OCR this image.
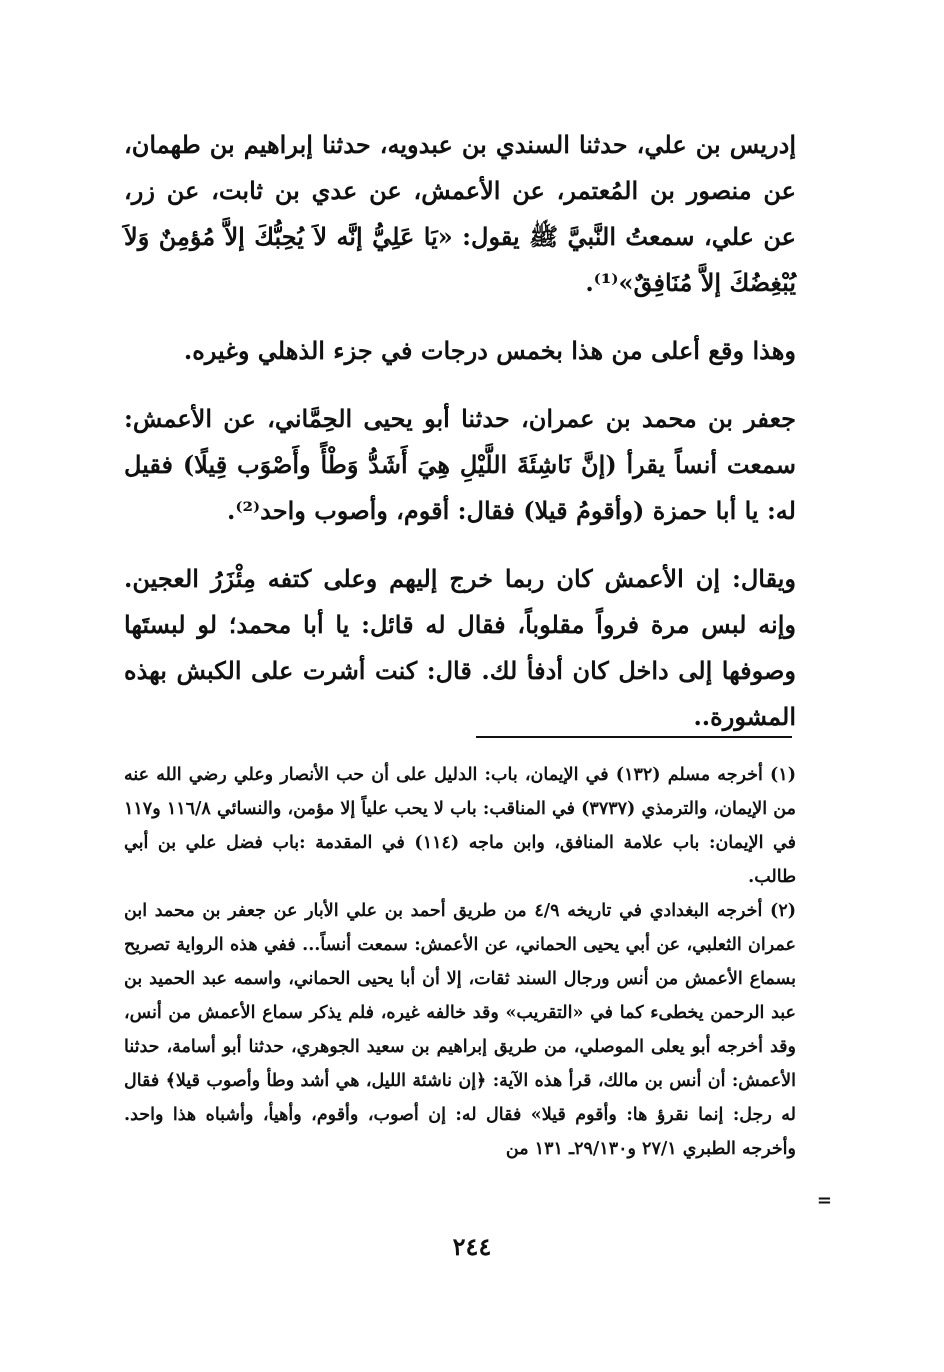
إدريس بن علي، حدثنا السندي بن عبدويه، حدثنا إبراهيم بن طهمان، عن منصور بن المُعتمر، عن الأعمش، عن عدي بن ثابت، عن زر، عن علي، سمعتُ النَّبيَّ ﷺ يقول: «يَا عَلِيُّ إنَّه لاَ يُحِبُّكَ إلاَّ مُؤمِنٌ وَلاَ يُبْغِضُكَ إلاَّ مُنَافِقٌ»⁽¹⁾.

وهذا وقع أعلى من هذا بخمس درجات في جزء الذهلي وغيره.

جعفر بن محمد بن عمران، حدثنا أبو يحيى الحِمَّاني، عن الأعمش: سمعت أنساً يقرأ (إنَّ نَاشِئَةَ اللَّيْلِ هِيَ أَشَدُّ وَطْأً وأَصْوَب قِيلًا) فقيل له: يا أبا حمزة (وأقومُ قيلا) فقال: أقوم، وأصوب واحد⁽²⁾.

ويقال: إن الأعمش كان ربما خرج إليهم وعلى كتفه مِئْزَرُ العجين. وإنه لبس مرة فرواً مقلوباً، فقال له قائل: يا أبا محمد؛ لو لبستَها وصوفها إلى داخل كان أدفأ لك. قال: كنت أشرت على الكبش بهذه المشورة..

(١) أخرجه مسلم (١٣٢) في الإيمان، باب: الدليل على أن حب الأنصار وعلي رضي الله عنه من الإيمان، والترمذي (٣٧٣٧) في المناقب: باب لا يحب علياً إلا مؤمن، والنسائي ١١٦/٨ و١١٧ في الإيمان: باب علامة المنافق، وابن ماجه (١١٤) في المقدمة :باب فضل علي بن أبي طالب.

(٢) أخرجه البغدادي في تاريخه ٤/٩ من طريق أحمد بن علي الأبار عن جعفر بن محمد ابن عمران الثعلبي، عن أبي يحيى الحماني، عن الأعمش: سمعت أنساً... ففي هذه الرواية تصريح بسماع الأعمش من أنس ورجال السند ثقات، إلا أن أبا يحيى الحماني، واسمه عبد الحميد بن عبد الرحمن يخطىء كما في «التقريب» وقد خالفه غيره، فلم يذكر سماع الأعمش من أنس، وقد أخرجه أبو يعلى الموصلي، من طريق إبراهيم بن سعيد الجوهري، حدثنا أبو أسامة، حدثنا الأعمش: أن أنس بن مالك، قرأ هذه الآية: ﴿إن ناشئة الليل، هي أشد وطأ وأصوب قيلا﴾ فقال له رجل: إنما نقرؤ ها: وأقوم قيلا» فقال له: إن أصوب، وأقوم، وأهيأ، وأشباه هذا واحد. وأخرجه الطبري ٢٧/١ و٢٩/١٣٠ـ ١٣١ من

=
٢٤٤
